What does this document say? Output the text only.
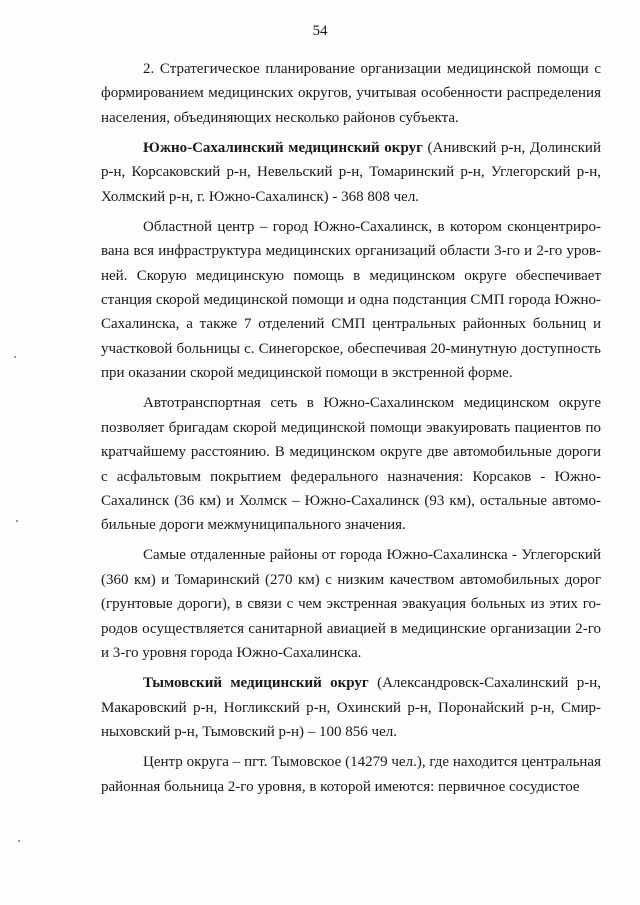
54

2. Стратегическое планирование организации медицинской помощи с формированием медицинских округов, учитывая особенности распределения населения, объединяющих несколько районов субъекта.

Южно-Сахалинский медицинский округ (Анивский р-н, Долинский р-н, Корсаковский р-н, Невельский р-н, Томаринский р-н, Углегорский р-н, Холмский р-н, г. Южно-Сахалинск) - 368 808 чел.

Областной центр – город Южно-Сахалинск, в котором сконцентрирована вся инфраструктура медицинских организаций области 3-го и 2-го уровней. Скорую медицинскую помощь в медицинском округе обеспечивает станция скорой медицинской помощи и одна подстанция СМП города Южно-Сахалинска, а также 7 отделений СМП центральных районных больниц и участковой больницы с. Синегорское, обеспечивая 20-минутную доступность при оказании скорой медицинской помощи в экстренной форме.

Автотранспортная сеть в Южно-Сахалинском медицинском округе позволяет бригадам скорой медицинской помощи эвакуировать пациентов по кратчайшему расстоянию. В медицинском округе две автомобильные дороги с асфальтовым покрытием федерального назначения: Корсаков - Южно-Сахалинск (36 км) и Холмск – Южно-Сахалинск (93 км), остальные автомобильные дороги межмуниципального значения.

Самые отдаленные районы от города Южно-Сахалинска - Углегорский (360 км) и Томаринский (270 км) с низким качеством автомобильных дорог (грунтовые дороги), в связи с чем экстренная эвакуация больных из этих городов осуществляется санитарной авиацией в медицинские организации 2-го и 3-го уровня города Южно-Сахалинска.

Тымовский медицинский округ (Александровск-Сахалинский р-н, Макаровский р-н, Ногликский р-н, Охинский р-н, Поронайский р-н, Смирныховский р-н, Тымовский р-н) – 100 856 чел.

Центр округа – пгт. Тымовское (14279 чел.), где находится центральная районная больница 2-го уровня, в которой имеются: первичное сосудистое
